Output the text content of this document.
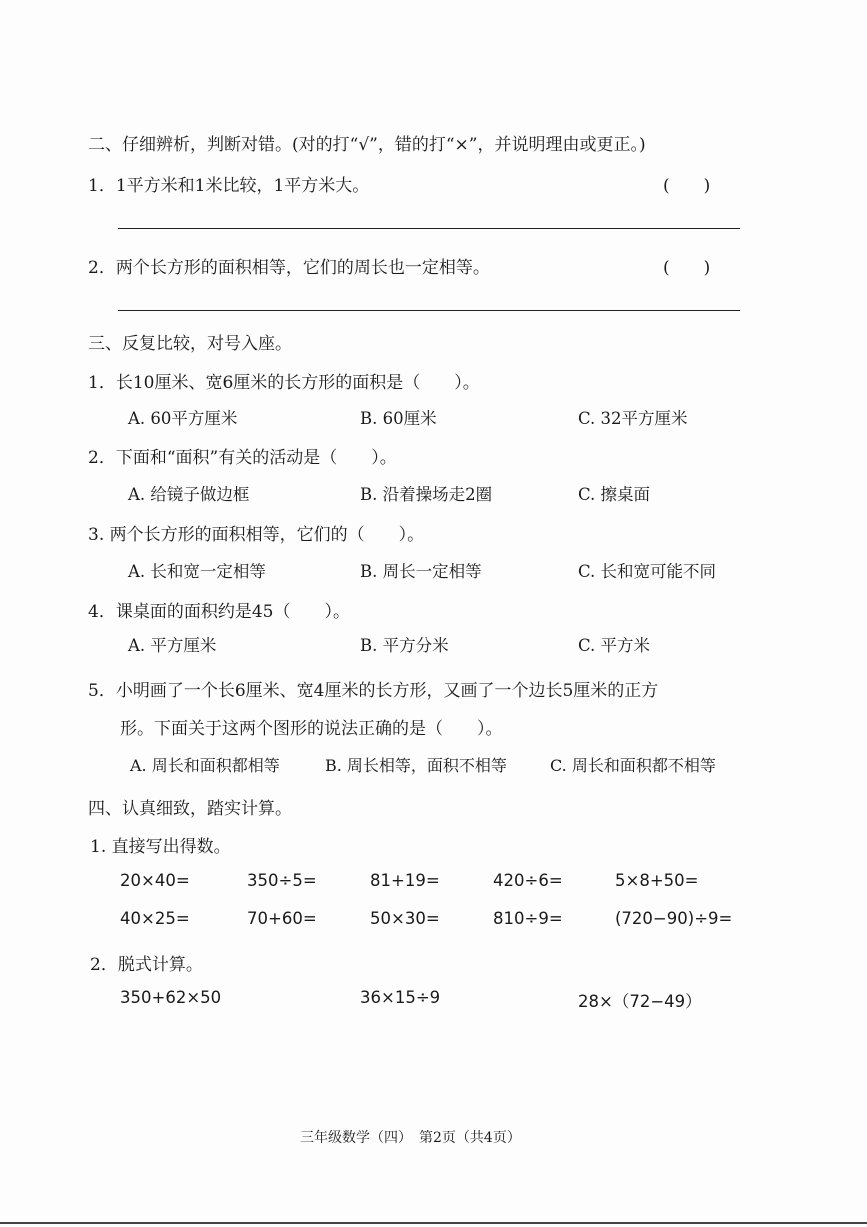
二、仔细辨析，判断对错。(对的打“√”，错的打“×”，并说明理由或更正。)
1．1平方米和1米比较，1平方米大。	(　　)
2．两个长方形的面积相等，它们的周长也一定相等。	(　　)
三、反复比较，对号入座。
1．长10厘米、宽6厘米的长方形的面积是（　　）。
A. 60平方厘米	B. 60厘米	C. 32平方厘米
2．下面和“面积”有关的活动是（　　）。
A. 给镜子做边框	B. 沿着操场走2圈	C. 擦桌面
3. 两个长方形的面积相等，它们的（　　）。
A. 长和宽一定相等	B. 周长一定相等	C. 长和宽可能不同
4．课桌面的面积约是45（　　）。
A. 平方厘米	B. 平方分米	C. 平方米
5．小明画了一个长6厘米、宽4厘米的长方形，又画了一个边长5厘米的正方
形。下面关于这两个图形的说法正确的是（　　）。
A. 周长和面积都相等	B. 周长相等，面积不相等	C. 周长和面积都不相等
四、认真细致，踏实计算。
1. 直接写出得数。
20×40=	350÷5=	81+19=	420÷6=	5×8+50=
40×25=	70+60=	50×30=	810÷9=	(720−90)÷9=
2．脱式计算。
350+62×50	36×15÷9	28×（72−49）
三年级数学（四）　第2页（共4页）
